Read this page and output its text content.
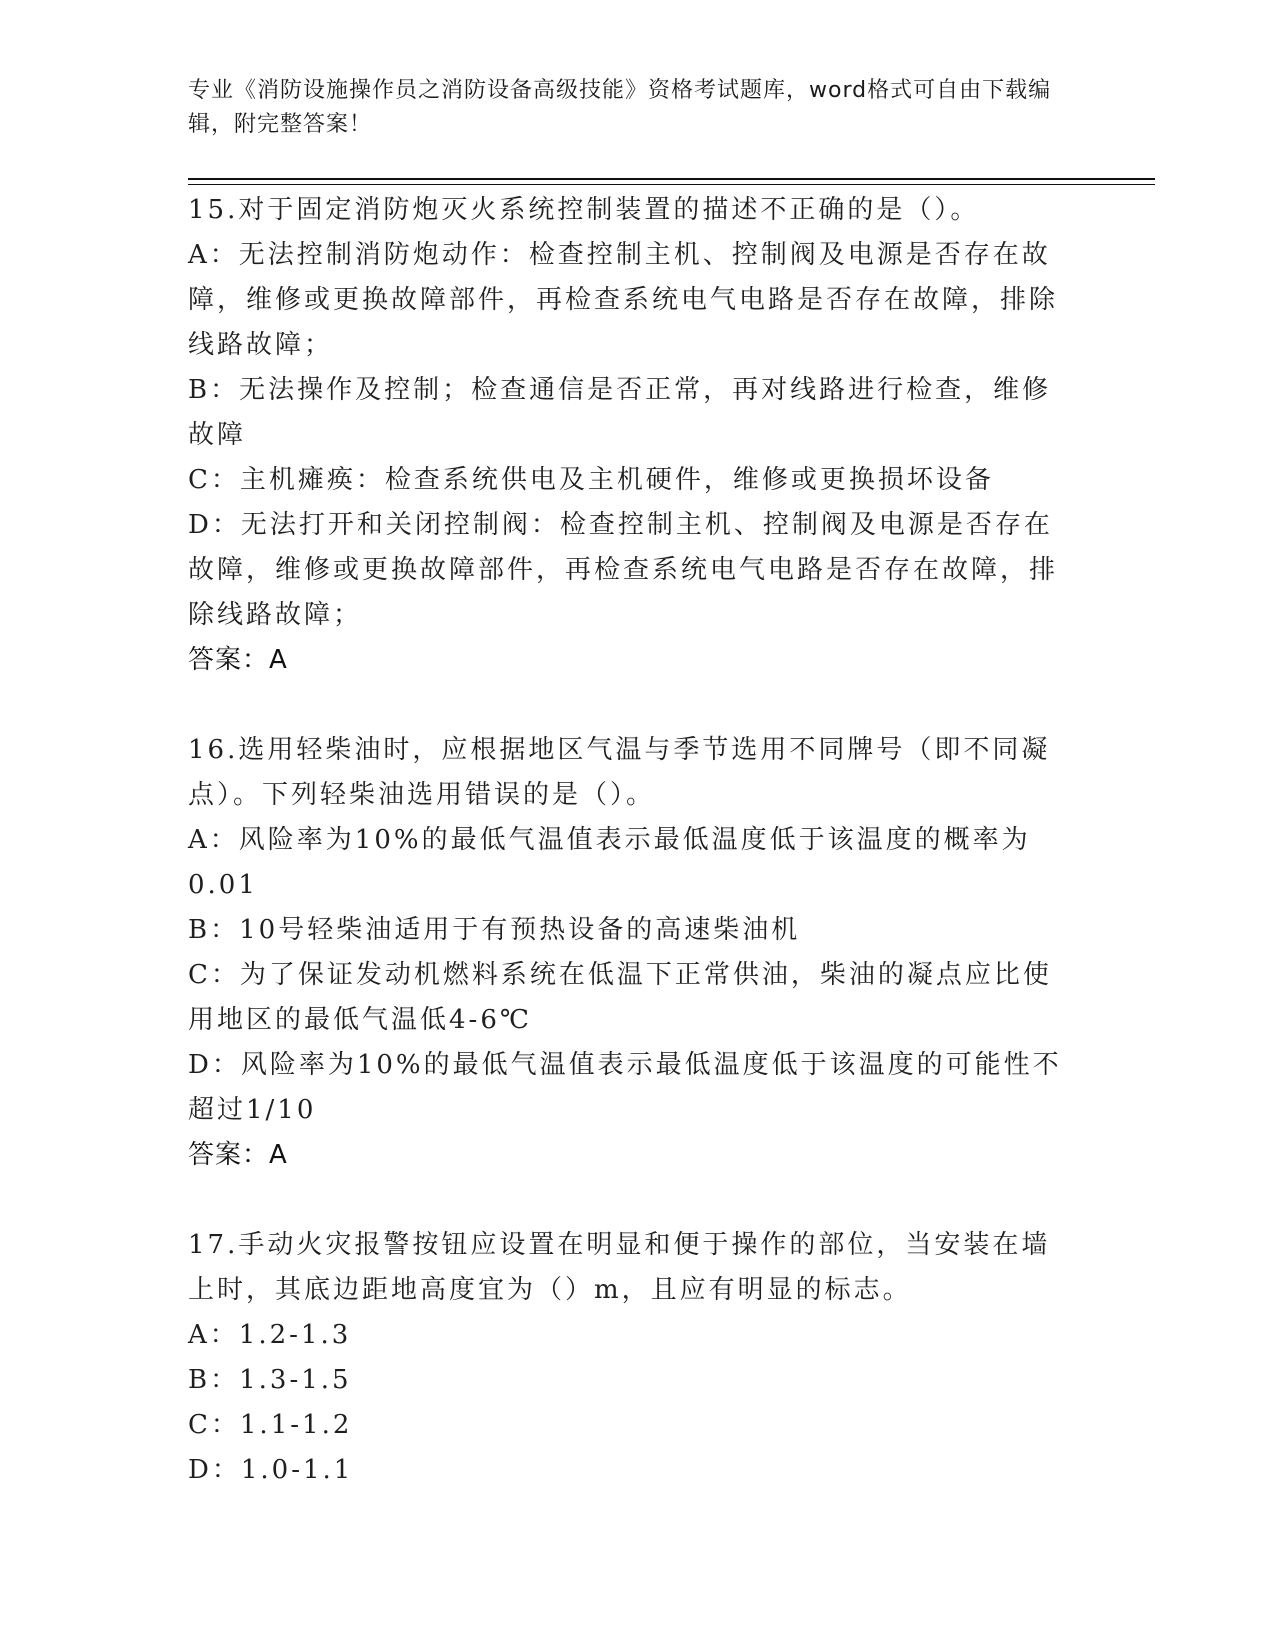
专业《消防设施操作员之消防设备高级技能》资格考试题库，word格式可自由下载编辑，附完整答案！

15.对于固定消防炮灭火系统控制装置的描述不正确的是（）。

A：无法控制消防炮动作：检查控制主机、控制阀及电源是否存在故障，维修或更换故障部件，再检查系统电气电路是否存在故障，排除线路故障；

B：无法操作及控制；检查通信是否正常，再对线路进行检查，维修故障

C：主机瘫痪：检查系统供电及主机硬件，维修或更换损坏设备

D：无法打开和关闭控制阀：检查控制主机、控制阀及电源是否存在故障，维修或更换故障部件，再检查系统电气电路是否存在故障，排除线路故障；

答案：A

16.选用轻柴油时，应根据地区气温与季节选用不同牌号（即不同凝点）。下列轻柴油选用错误的是（）。

A：风险率为10%的最低气温值表示最低温度低于该温度的概率为0.01

B：10号轻柴油适用于有预热设备的高速柴油机

C：为了保证发动机燃料系统在低温下正常供油，柴油的凝点应比使用地区的最低气温低4-6℃

D：风险率为10%的最低气温值表示最低温度低于该温度的可能性不超过1/10

答案：A

17.手动火灾报警按钮应设置在明显和便于操作的部位，当安装在墙上时，其底边距地高度宜为（）m，且应有明显的标志。

A：1.2-1.3

B：1.3-1.5

C：1.1-1.2

D：1.0-1.1
